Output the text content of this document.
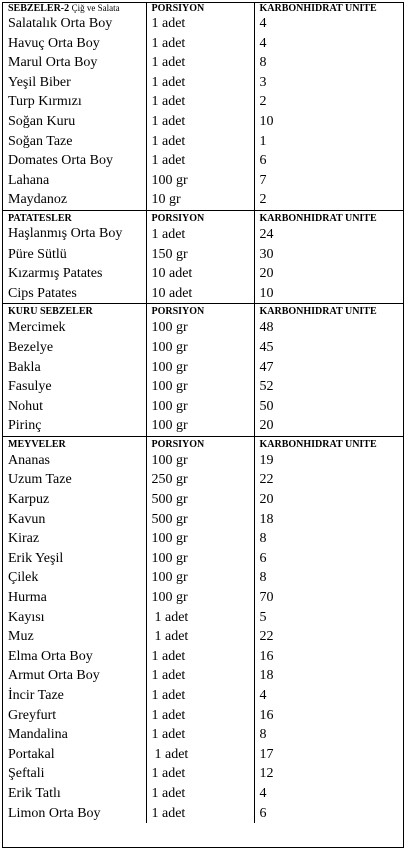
SEBZELER-2 Çiğ ve Salata	PORSIYON	KARBONHIDRAT UNITE
Salatalık Orta Boy	1 adet	4
Havuç Orta Boy	1 adet	4
Marul Orta Boy	1 adet	8
Yeşil Biber	1 adet	3
Turp Kırmızı	1 adet	2
Soğan Kuru	1 adet	10
Soğan Taze	1 adet	1
Domates Orta Boy	1 adet	6
Lahana	100 gr	7
Maydanoz	10 gr	2
PATATESLER	PORSIYON	KARBONHIDRAT UNITE
Haşlanmış Orta Boy	1 adet	24
Püre Sütlü	150 gr	30
Kızarmış Patates	10 adet	20
Cips Patates	10 adet	10
KURU SEBZELER	PORSIYON	KARBONHIDRAT UNITE
Mercimek	100 gr	48
Bezelye	100 gr	45
Bakla	100 gr	47
Fasulye	100 gr	52
Nohut	100 gr	50
Pirinç	100 gr	20
MEYVELER	PORSIYON	KARBONHIDRAT UNITE
Ananas	100 gr	19
Uzum Taze	250 gr	22
Karpuz	500 gr	20
Kavun	500 gr	18
Kiraz	100 gr	8
Erik Yeşil	100 gr	6
Çilek	100 gr	8
Hurma	100 gr	70
Kayısı	1 adet	5
Muz	1 adet	22
Elma Orta Boy	1 adet	16
Armut Orta Boy	1 adet	18
İncir Taze	1 adet	4
Greyfurt	1 adet	16
Mandalina	1 adet	8
Portakal	1 adet	17
Şeftali	1 adet	12
Erik Tatlı	1 adet	4
Limon Orta Boy	1 adet	6
